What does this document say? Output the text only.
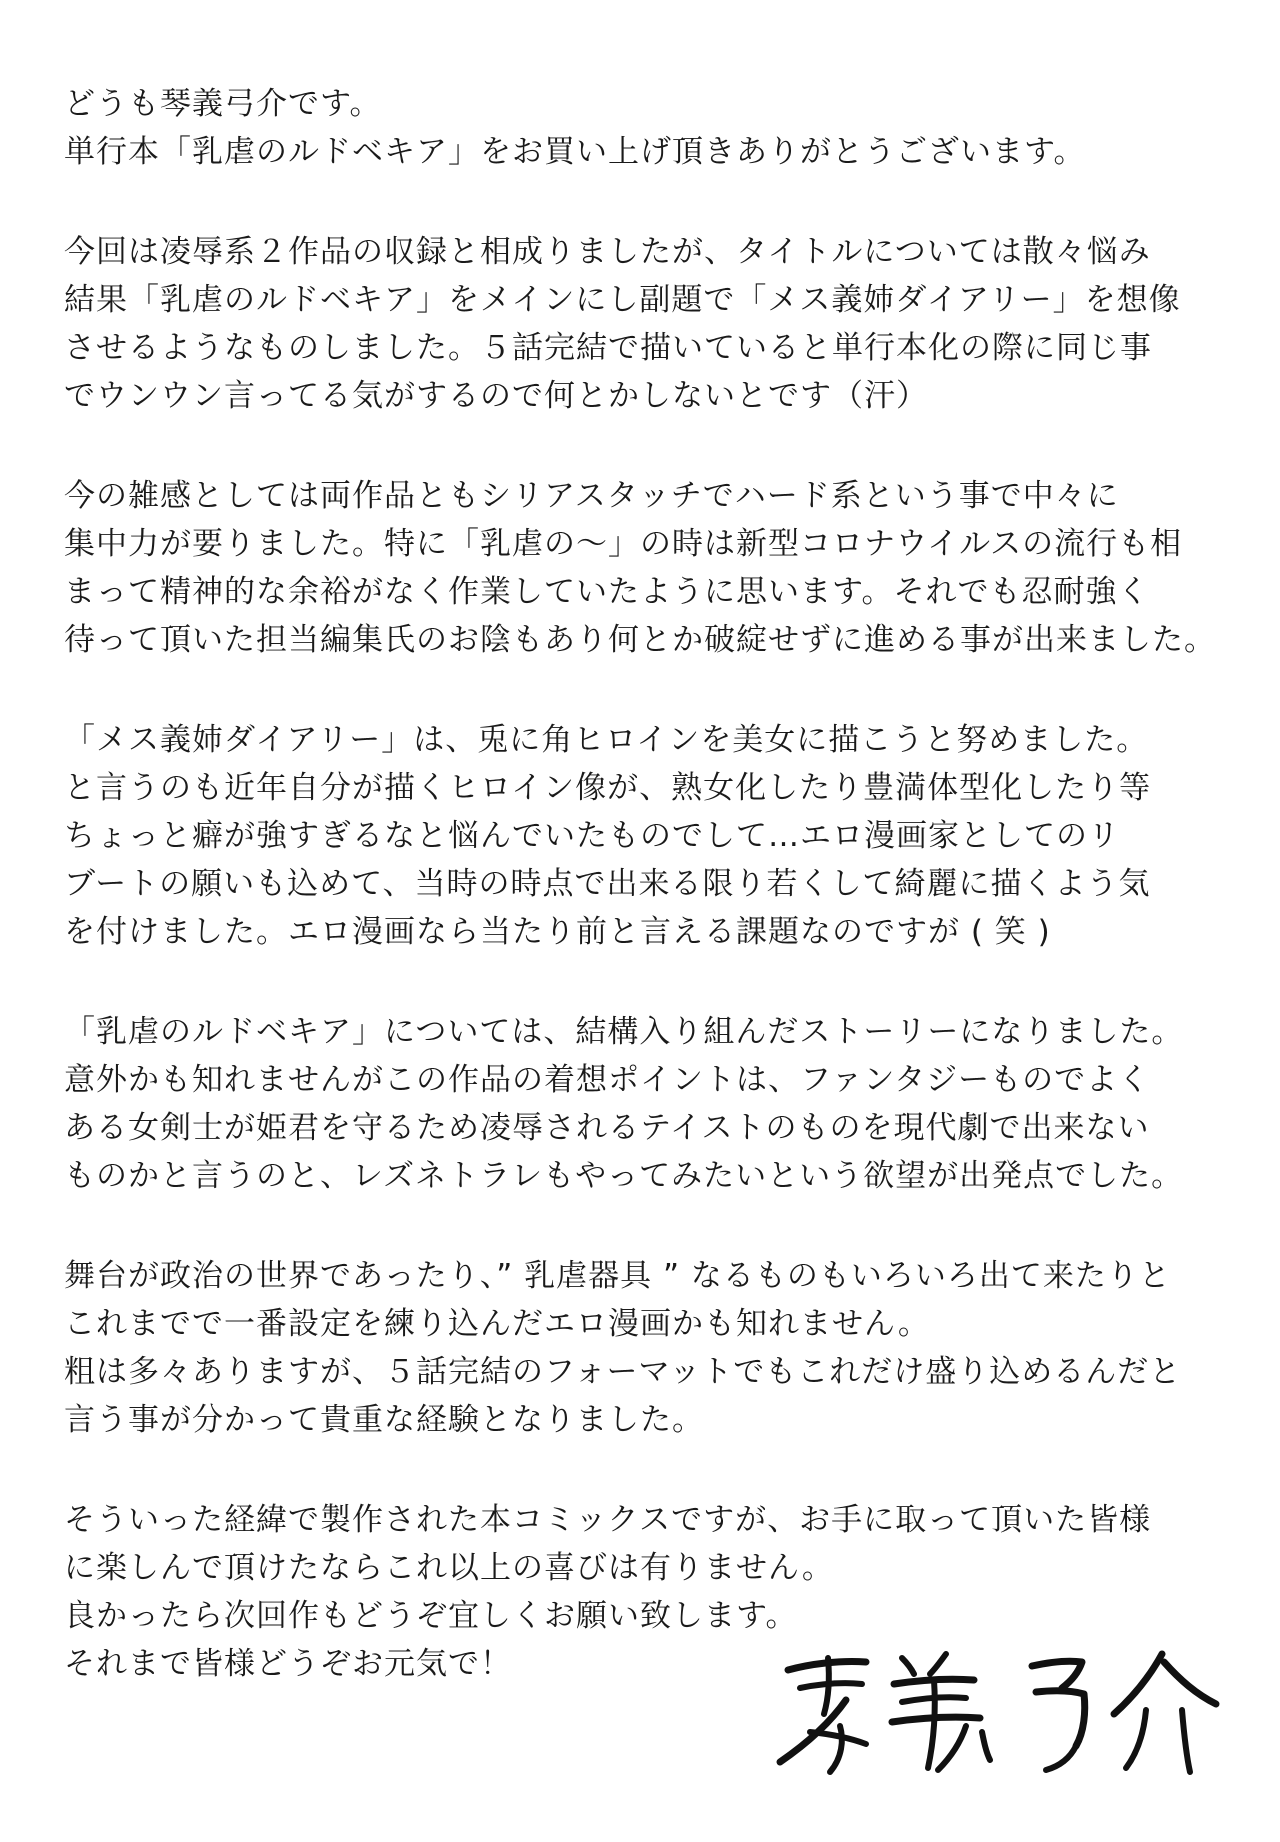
どうも琴義弓介です。
単行本「乳虐のルドベキア」をお買い上げ頂きありがとうございます。
今回は凌辱系２作品の収録と相成りましたが、タイトルについては散々悩み
結果「乳虐のルドベキア」をメインにし副題で「メス義姉ダイアリー」を想像
させるようなものしました。５話完結で描いていると単行本化の際に同じ事
でウンウン言ってる気がするので何とかしないとです（汗）
今の雑感としては両作品ともシリアスタッチでハード系という事で中々に
集中力が要りました。特に「乳虐の～」の時は新型コロナウイルスの流行も相
まって精神的な余裕がなく作業していたように思います。それでも忍耐強く
待って頂いた担当編集氏のお陰もあり何とか破綻せずに進める事が出来ました。
「メス義姉ダイアリー」は、兎に角ヒロインを美女に描こうと努めました。
と言うのも近年自分が描くヒロイン像が、熟女化したり豊満体型化したり等
ちょっと癖が強すぎるなと悩んでいたものでして…エロ漫画家としてのリ
ブートの願いも込めて、当時の時点で出来る限り若くして綺麗に描くよう気
を付けました。エロ漫画なら当たり前と言える課題なのですが ( 笑 )
「乳虐のルドベキア」については、結構入り組んだストーリーになりました。
意外かも知れませんがこの作品の着想ポイントは、ファンタジーものでよく
ある女剣士が姫君を守るため凌辱されるテイストのものを現代劇で出来ない
ものかと言うのと、レズネトラレもやってみたいという欲望が出発点でした。
舞台が政治の世界であったり、” 乳虐器具 ” なるものもいろいろ出て来たりと
これまでで一番設定を練り込んだエロ漫画かも知れません。
粗は多々ありますが、５話完結のフォーマットでもこれだけ盛り込めるんだと
言う事が分かって貴重な経験となりました。
そういった経緯で製作された本コミックスですが、お手に取って頂いた皆様
に楽しんで頂けたならこれ以上の喜びは有りません。
良かったら次回作もどうぞ宜しくお願い致します。
それまで皆様どうぞお元気で！
